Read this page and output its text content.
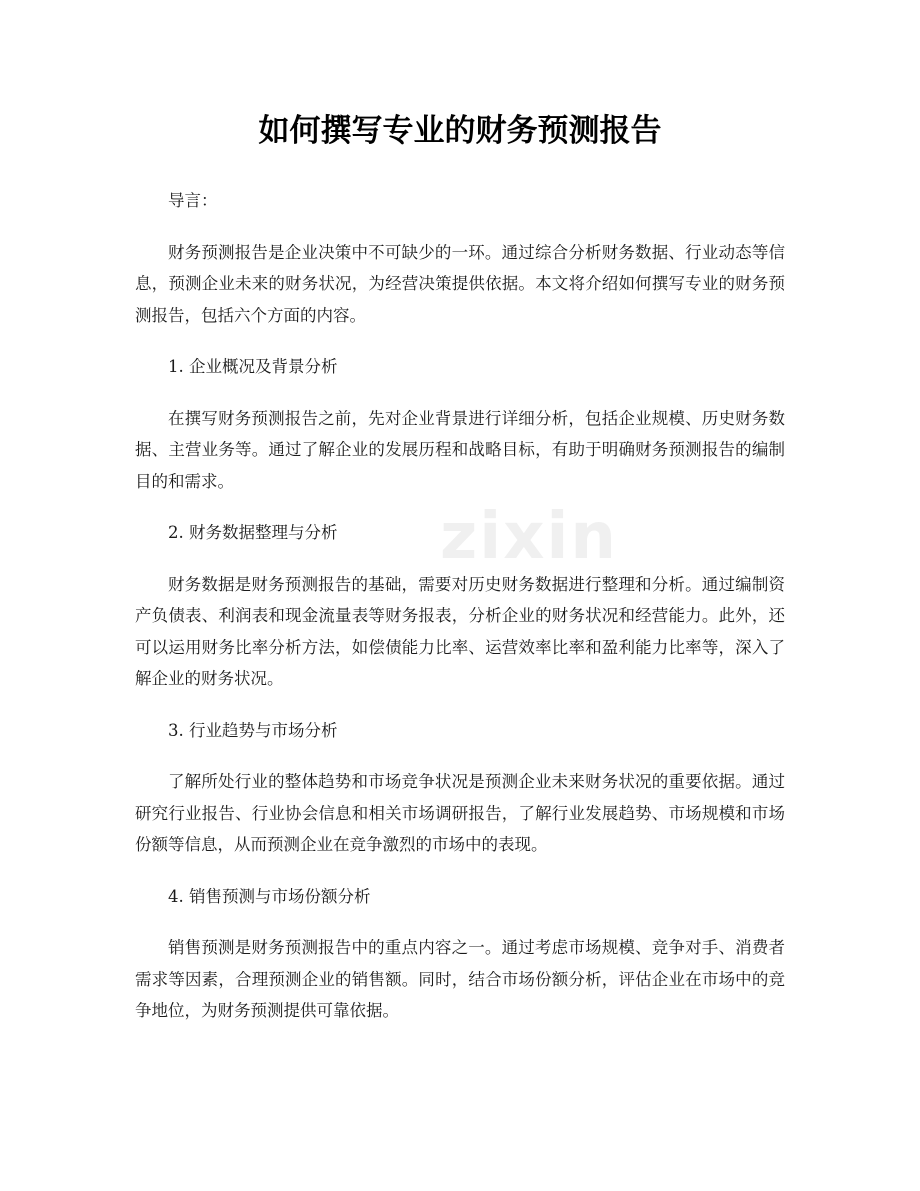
zixin
如何撰写专业的财务预测报告
导言：
财务预测报告是企业决策中不可缺少的一环。通过综合分析财务数据、行业动态等信息，预测企业未来的财务状况，为经营决策提供依据。本文将介绍如何撰写专业的财务预测报告，包括六个方面的内容。
1. 企业概况及背景分析
在撰写财务预测报告之前，先对企业背景进行详细分析，包括企业规模、历史财务数据、主营业务等。通过了解企业的发展历程和战略目标，有助于明确财务预测报告的编制目的和需求。
2. 财务数据整理与分析
财务数据是财务预测报告的基础，需要对历史财务数据进行整理和分析。通过编制资产负债表、利润表和现金流量表等财务报表，分析企业的财务状况和经营能力。此外，还可以运用财务比率分析方法，如偿债能力比率、运营效率比率和盈利能力比率等，深入了解企业的财务状况。
3. 行业趋势与市场分析
了解所处行业的整体趋势和市场竞争状况是预测企业未来财务状况的重要依据。通过研究行业报告、行业协会信息和相关市场调研报告，了解行业发展趋势、市场规模和市场份额等信息，从而预测企业在竞争激烈的市场中的表现。
4. 销售预测与市场份额分析
销售预测是财务预测报告中的重点内容之一。通过考虑市场规模、竞争对手、消费者需求等因素，合理预测企业的销售额。同时，结合市场份额分析，评估企业在市场中的竞争地位，为财务预测提供可靠依据。
